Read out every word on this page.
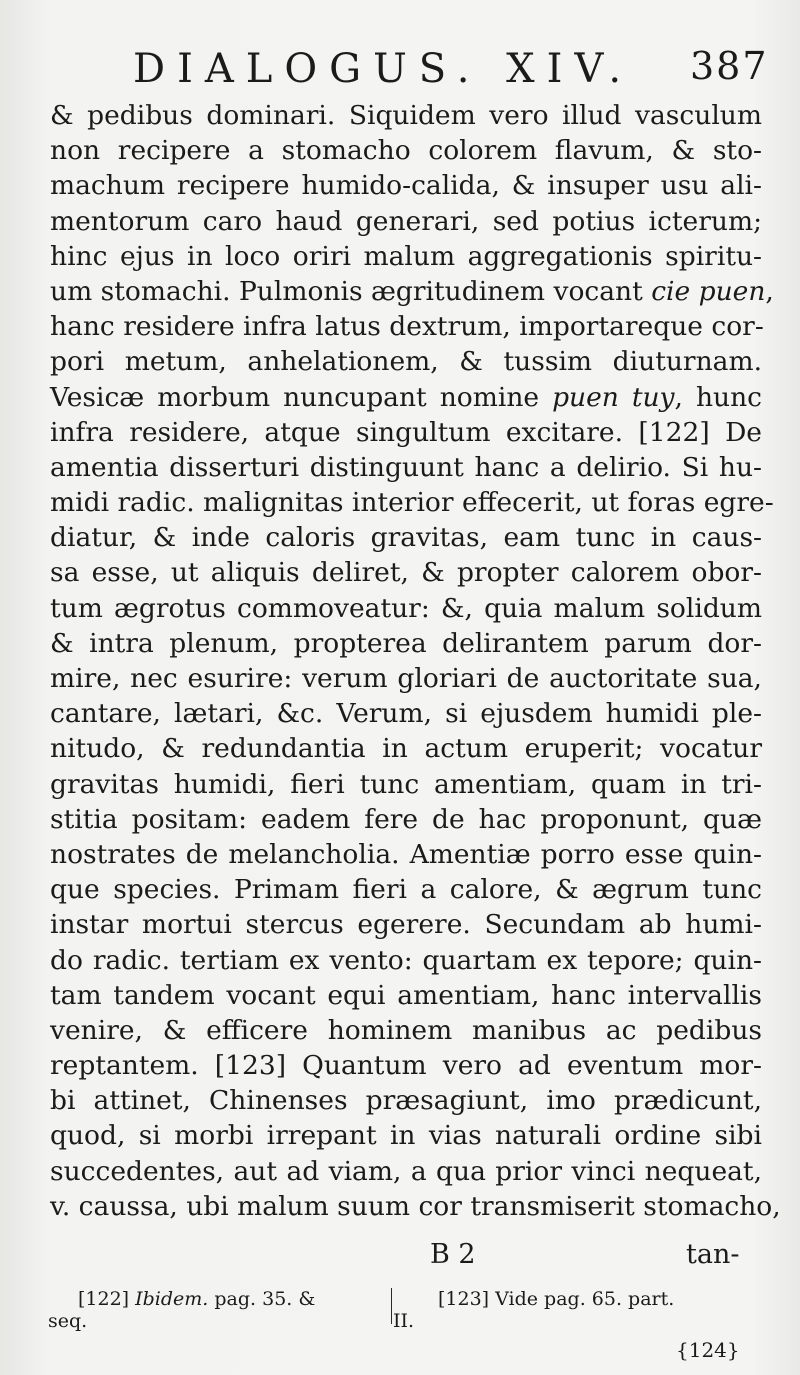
DIALOGUS. XIV. 387
& pedibus dominari. Siquidem vero illud vasculum
non recipere a stomacho colorem flavum, & sto-
machum recipere humido-calida, & insuper usu ali-
mentorum caro haud generari, sed potius icterum;
hinc ejus in loco oriri malum aggregationis spiritu-
um stomachi. Pulmonis ægritudinem vocant cie puen,
hanc residere infra latus dextrum, importareque cor-
pori metum, anhelationem, & tussim diuturnam.
Vesicæ morbum nuncupant nomine puen tuy, hunc
infra residere, atque singultum excitare. [122] De
amentia disserturi distinguunt hanc a delirio. Si hu-
midi radic. malignitas interior effecerit, ut foras egre-
diatur, & inde caloris gravitas, eam tunc in caus-
sa esse, ut aliquis deliret, & propter calorem obor-
tum ægrotus commoveatur: &, quia malum solidum
& intra plenum, propterea delirantem parum dor-
mire, nec esurire: verum gloriari de auctoritate sua,
cantare, lætari, &c. Verum, si ejusdem humidi ple-
nitudo, & redundantia in actum eruperit; vocatur
gravitas humidi, fieri tunc amentiam, quam in tri-
stitia positam: eadem fere de hac proponunt, quæ
nostrates de melancholia. Amentiæ porro esse quin-
que species. Primam fieri a calore, & ægrum tunc
instar mortui stercus egerere. Secundam ab humi-
do radic. tertiam ex vento: quartam ex tepore; quin-
tam tandem vocant equi amentiam, hanc intervallis
venire, & efficere hominem manibus ac pedibus
reptantem. [123] Quantum vero ad eventum mor-
bi attinet, Chinenses præsagiunt, imo prædicunt,
quod, si morbi irrepant in vias naturali ordine sibi
succedentes, aut ad viam, a qua prior vinci nequeat,
v. caussa, ubi malum suum cor transmiserit stomacho,
B 2	tan-
[122] Ibidem. pag. 35. &
seq.
[123] Vide pag. 65. part.
II.
{124}
